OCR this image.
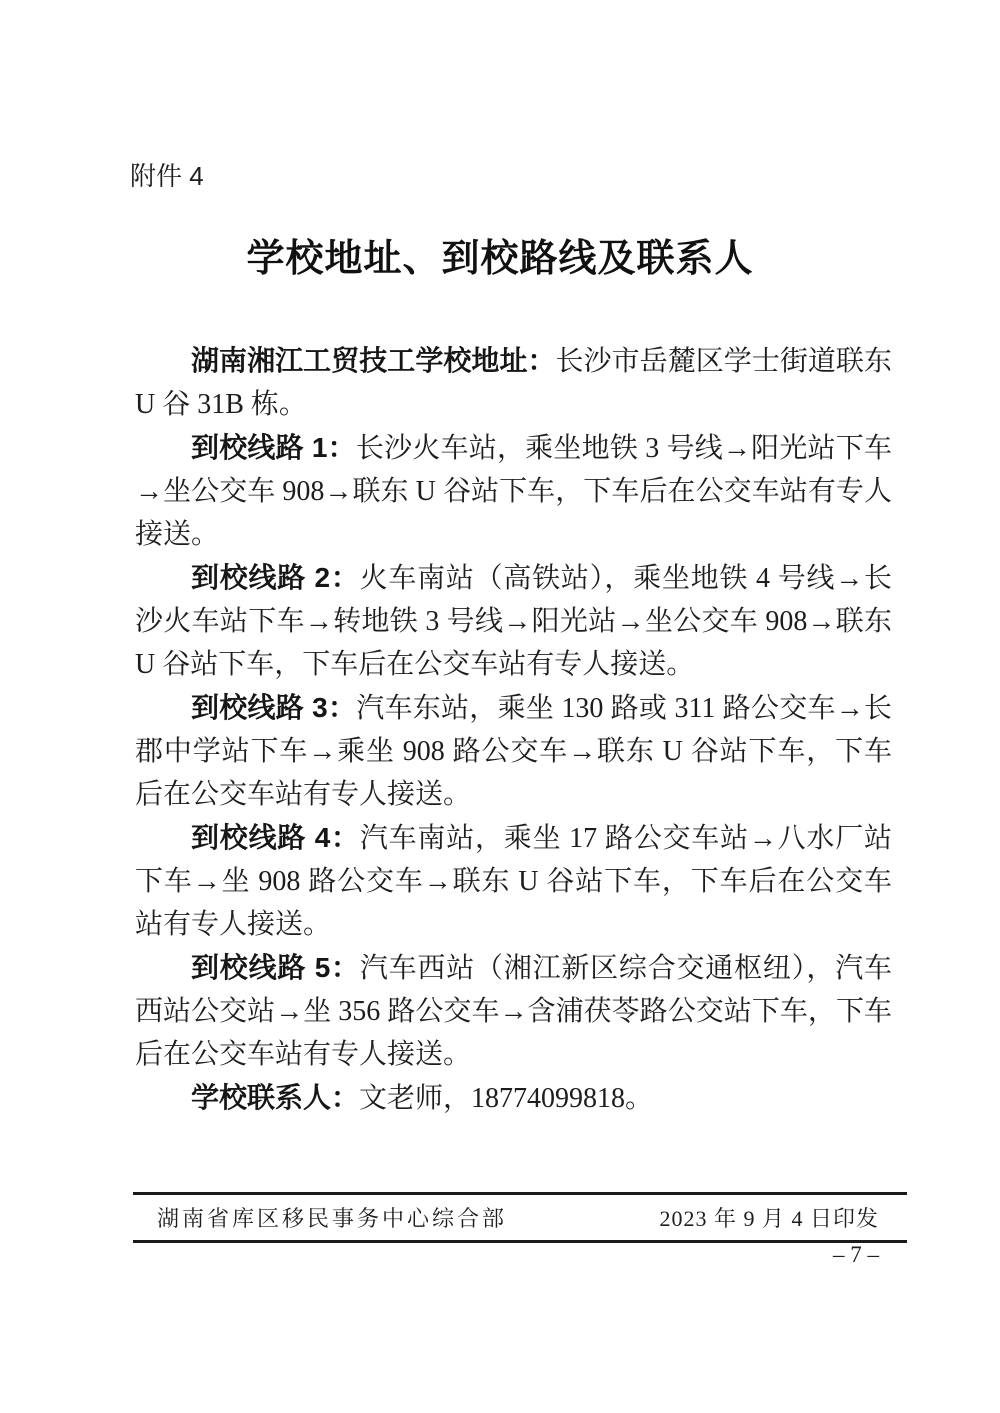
附件 4
学校地址、到校路线及联系人

湖南湘江工贸技工学校地址：长沙市岳麓区学士街道联东 U 谷 31B 栋。

到校线路 1：长沙火车站，乘坐地铁 3 号线→阳光站下车→坐公交车 908→联东 U 谷站下车，下车后在公交车站有专人接送。

到校线路 2：火车南站（高铁站），乘坐地铁 4 号线→长沙火车站下车→转地铁 3 号线→阳光站→坐公交车 908→联东 U 谷站下车，下车后在公交车站有专人接送。

到校线路 3：汽车东站，乘坐 130 路或 311 路公交车→长郡中学站下车→乘坐 908 路公交车→联东 U 谷站下车，下车后在公交车站有专人接送。

到校线路 4：汽车南站，乘坐 17 路公交车站→八水厂站下车→坐 908 路公交车→联东 U 谷站下车，下车后在公交车站有专人接送。

到校线路 5：汽车西站（湘江新区综合交通枢纽），汽车西站公交站→坐 356 路公交车→含浦茯苓路公交站下车，下车后在公交车站有专人接送。

学校联系人：文老师，18774099818。

湖南省库区移民事务中心综合部	2023 年 9 月 4 日印发
– 7 –
